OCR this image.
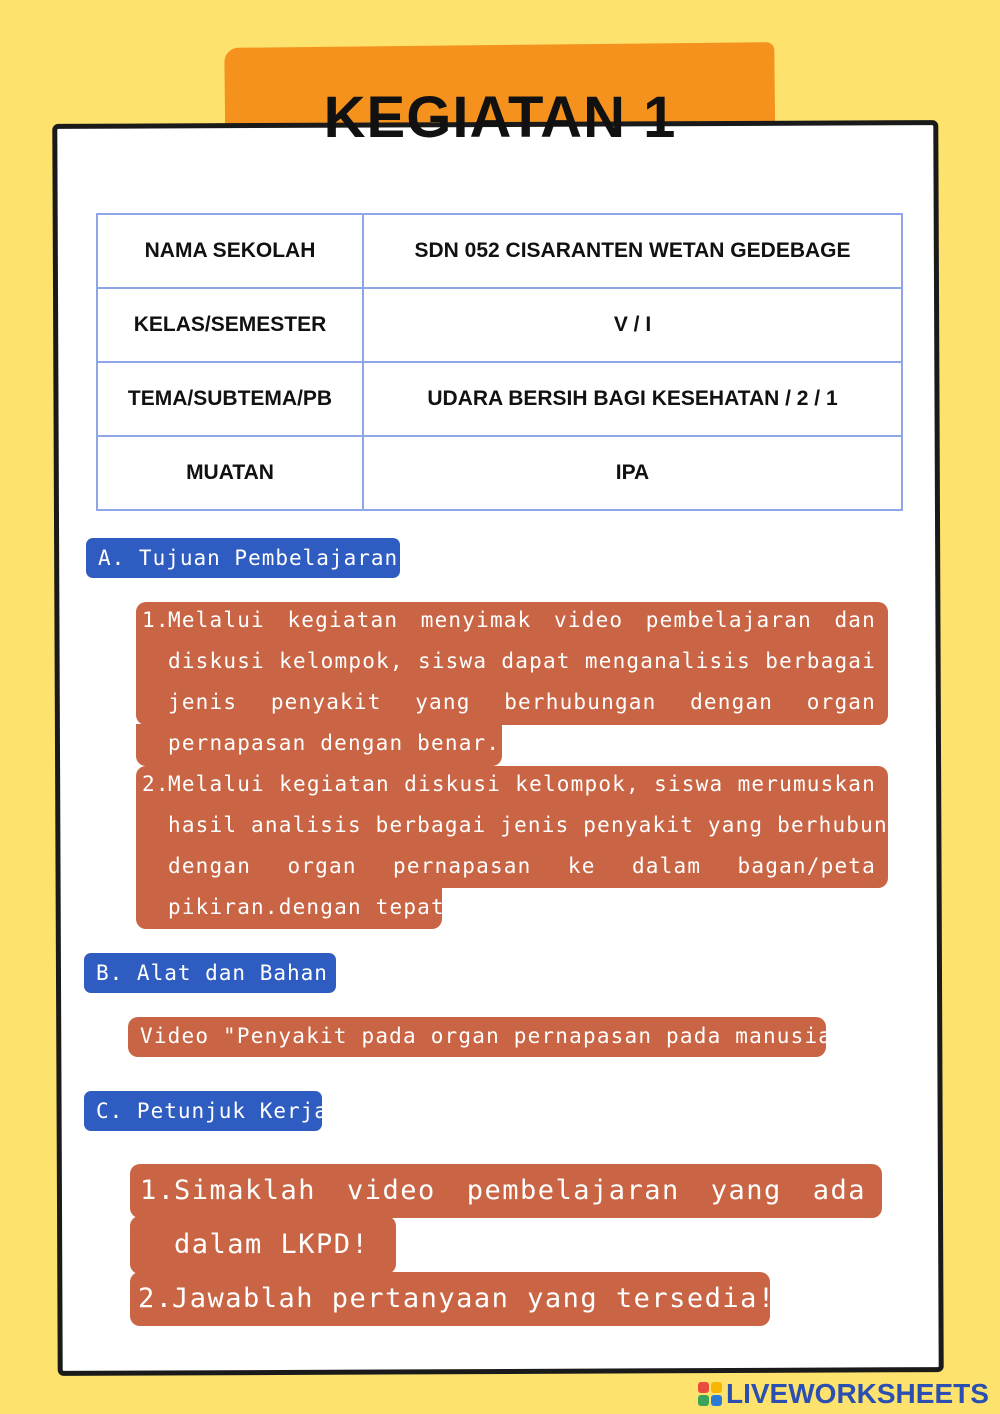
KEGIATAN 1
NAMA SEKOLAH	SDN 052 CISARANTEN WETAN GEDEBAGE
KELAS/SEMESTER	V / I
TEMA/SUBTEMA/PB	UDARA BERSIH BAGI KESEHATAN / 2 / 1
MUATAN	IPA
A. Tujuan Pembelajaran
1.
Melalui kegiatan menyimak video pembelajaran dan
diskusi kelompok, siswa dapat menganalisis berbagai
jenis penyakit yang berhubungan dengan organ
pernapasan dengan benar.
2.
Melalui kegiatan diskusi kelompok, siswa merumuskan
hasil analisis berbagai jenis penyakit yang berhubungan
dengan organ pernapasan ke dalam bagan/peta
pikiran.dengan tepat.
B. Alat dan Bahan
Video "Penyakit pada organ pernapasan pada manusia"
C. Petunjuk Kerja
1.
Simaklah video pembelajaran yang ada
dalam LKPD!
2.
Jawablah pertanyaan yang tersedia!
LIVEWORKSHEETS
